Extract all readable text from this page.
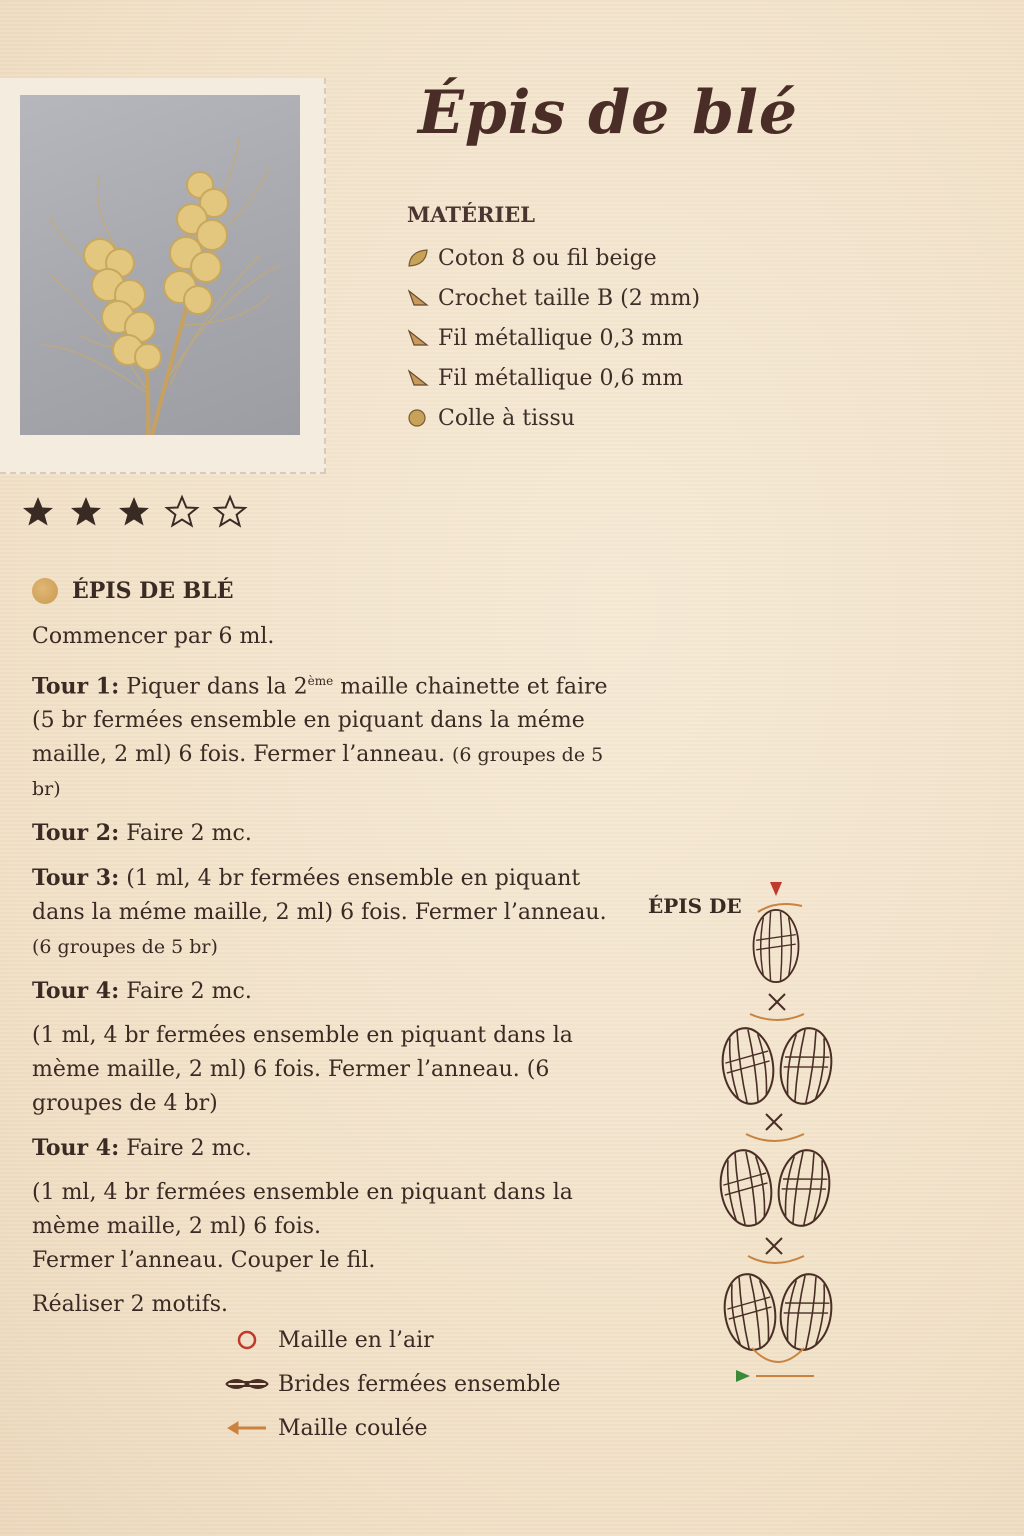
Épis de blé
MATÉRIEL
Coton 8 ou fil beige
Crochet taille B (2 mm)
Fil métallique 0,3 mm
Fil métallique 0,6 mm
Colle à tissu
ÉPIS DE BLÉ

Commencer par 6 ml.

Tour 1: Piquer dans la 2ème maille chainette et faire (5 br fermées ensemble en piquant dans la méme maille, 2 ml) 6 fois. Fermer l’anneau. (6 groupes de 5 br)

Tour 2: Faire 2 mc.

Tour 3: (1 ml, 4 br fermées ensemble en piquant dans la méme maille, 2 ml) 6 fois. Fermer l’anneau.
(6 groupes de 5 br)

Tour 4: Faire 2 mc.

(1 ml, 4 br fermées ensemble en piquant dans la mème maille, 2 ml) 6 fois. Fermer l’anneau. (6 groupes de 4 br)

Tour 4: Faire 2 mc.

(1 ml, 4 br fermées ensemble en piquant dans la mème maille, 2 ml) 6 fois.

Fermer l’anneau. Couper le fil.

Réaliser 2 motifs.

Maille en l’air
Brides fermées ensemble
Maille coulée
ÉPIS DE
